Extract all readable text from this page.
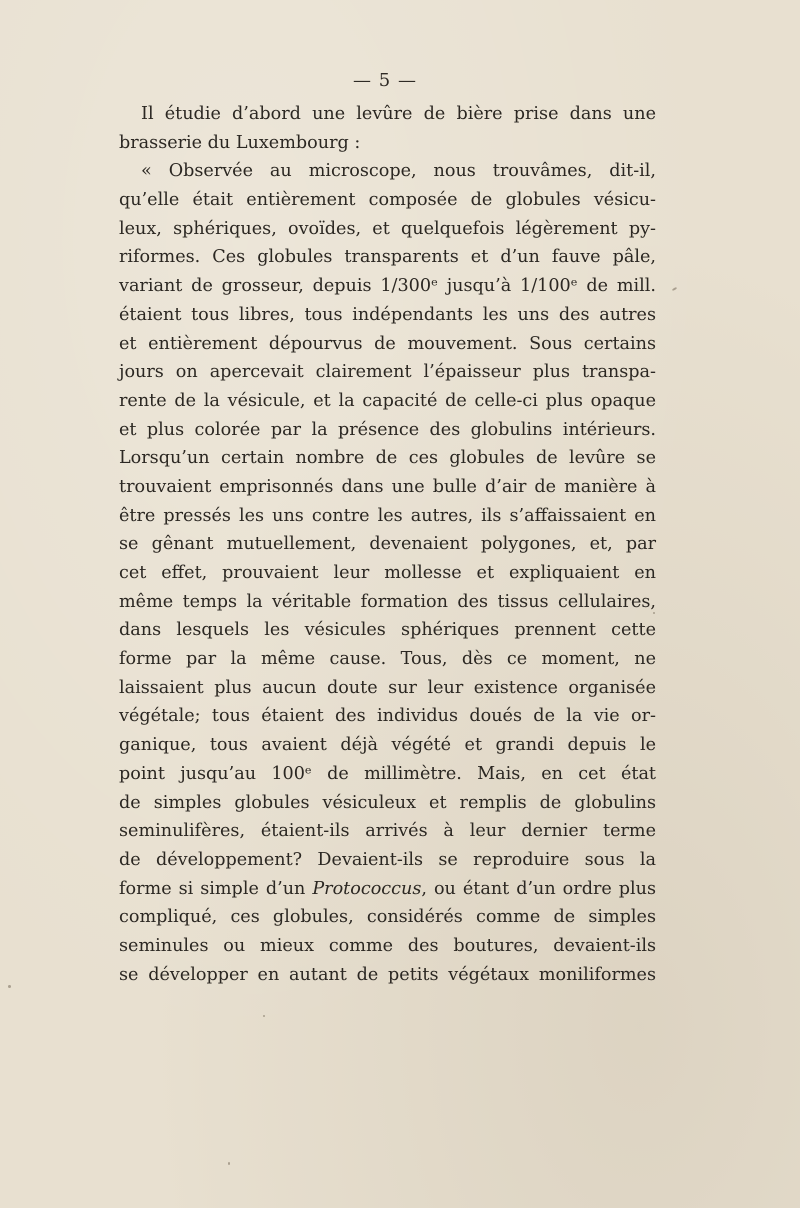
— 5 —
Il étudie d’abord une levûre de bière prise dans une
brasserie du Luxembourg :
« Observée au microscope, nous trouvâmes, dit-il,
qu’elle était entièrement composée de globules vésicu-
leux, sphériques, ovoïdes, et quelquefois légèrement py-
riformes. Ces globules transparents et d’un fauve pâle,
variant de grosseur, depuis 1/300ᵉ jusqu’à 1/100ᵉ de mill.
étaient tous libres, tous indépendants les uns des autres
et entièrement dépourvus de mouvement. Sous certains
jours on apercevait clairement l’épaisseur plus transpa-
rente de la vésicule, et la capacité de celle-ci plus opaque
et plus colorée par la présence des globulins intérieurs.
Lorsqu’un certain nombre de ces globules de levûre se
trouvaient emprisonnés dans une bulle d’air de manière à
être pressés les uns contre les autres, ils s’affaissaient en
se gênant mutuellement, devenaient polygones, et, par
cet effet, prouvaient leur mollesse et expliquaient en
même temps la véritable formation des tissus cellulaires,
dans lesquels les vésicules sphériques prennent cette
forme par la même cause. Tous, dès ce moment, ne
laissaient plus aucun doute sur leur existence organisée
végétale; tous étaient des individus doués de la vie or-
ganique, tous avaient déjà végété et grandi depuis le
point jusqu’au 100ᵉ de millimètre. Mais, en cet état
de simples globules vésiculeux et remplis de globulins
seminulifères, étaient-ils arrivés à leur dernier terme
de développement? Devaient-ils se reproduire sous la
forme si simple d’un Protococcus, ou étant d’un ordre plus
compliqué, ces globules, considérés comme de simples
seminules ou mieux comme des boutures, devaient-ils
se développer en autant de petits végétaux moniliformes
